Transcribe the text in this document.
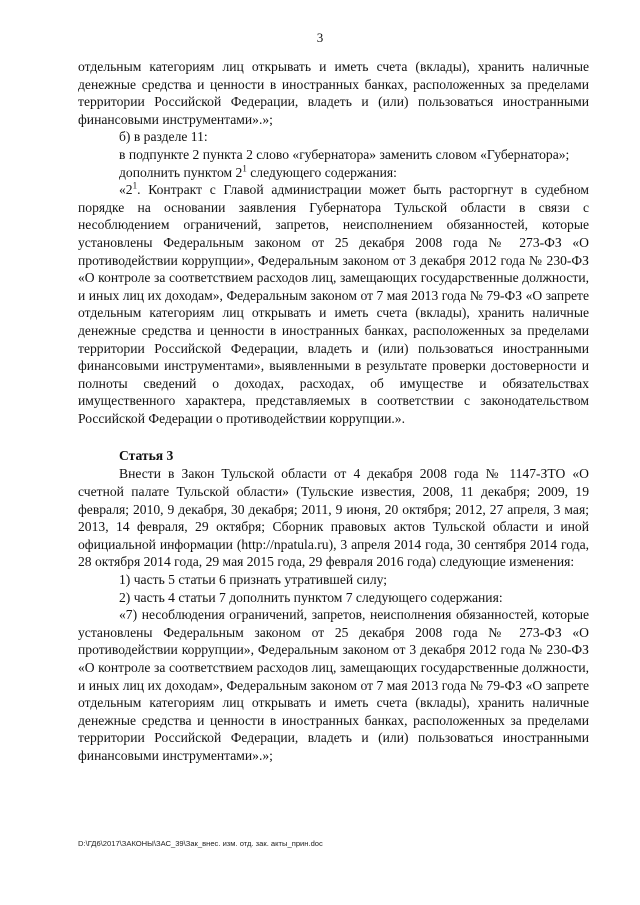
3

отдельным категориям лиц открывать и иметь счета (вклады), хранить наличные денежные средства и ценности в иностранных банках, расположенных за пределами территории Российской Федерации, владеть и (или) пользоваться иностранными финансовыми инструментами».»;

б) в разделе 11:

в подпункте 2 пункта 2 слово «губернатора» заменить словом «Губернатора»;

дополнить пунктом $2^1$ следующего содержания:

«$2^1$. Контракт с Главой администрации может быть расторгнут в судебном порядке на основании заявления Губернатора Тульской области в связи с несоблюдением ограничений, запретов, неисполнением обязанностей, которые установлены Федеральным законом от 25 декабря 2008 года № 273-ФЗ «О противодействии коррупции», Федеральным законом от 3 декабря 2012 года № 230-ФЗ «О контроле за соответствием расходов лиц, замещающих государственные должности, и иных лиц их доходам», Федеральным законом от 7 мая 2013 года № 79-ФЗ «О запрете отдельным категориям лиц открывать и иметь счета (вклады), хранить наличные денежные средства и ценности в иностранных банках, расположенных за пределами территории Российской Федерации, владеть и (или) пользоваться иностранными финансовыми инструментами», выявленными в результате проверки достоверности и полноты сведений о доходах, расходах, об имуществе и обязательствах имущественного характера, представляемых в соответствии с законодательством Российской Федерации о противодействии коррупции.».

Статья 3

Внести в Закон Тульской области от 4 декабря 2008 года № 1147-ЗТО «О счетной палате Тульской области» (Тульские известия, 2008, 11 декабря; 2009, 19 февраля; 2010, 9 декабря, 30 декабря; 2011, 9 июня, 20 октября; 2012, 27 апреля, 3 мая; 2013, 14 февраля, 29 октября; Сборник правовых актов Тульской области и иной официальной информации (http://npatula.ru), 3 апреля 2014 года, 30 сентября 2014 года, 28 октября 2014 года, 29 мая 2015 года, 29 февраля 2016 года) следующие изменения:

1) часть 5 статьи 6 признать утратившей силу;

2) часть 4 статьи 7 дополнить пунктом 7 следующего содержания:

«7) несоблюдения ограничений, запретов, неисполнения обязанностей, которые установлены Федеральным законом от 25 декабря 2008 года № 273-ФЗ «О противодействии коррупции», Федеральным законом от 3 декабря 2012 года № 230-ФЗ «О контроле за соответствием расходов лиц, замещающих государственные должности, и иных лиц их доходам», Федеральным законом от 7 мая 2013 года № 79-ФЗ «О запрете отдельным категориям лиц открывать и иметь счета (вклады), хранить наличные денежные средства и ценности в иностранных банках, расположенных за пределами территории Российской Федерации, владеть и (или) пользоваться иностранными финансовыми инструментами».»;

D:\ГД6\2017\ЗАКОНЫ\ЗАС_39\Зак_внес. изм. отд. зак. акты_прин.doc
